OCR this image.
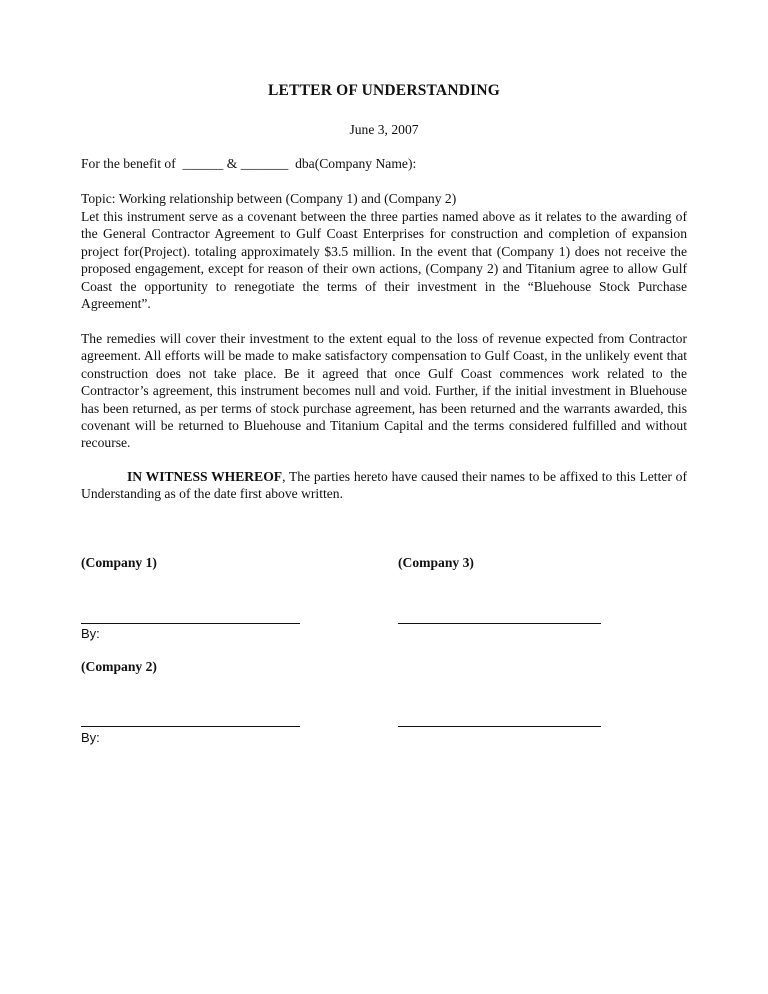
LETTER OF UNDERSTANDING
June 3, 2007
For the benefit of  ______ & _______  dba(Company Name):
Topic: Working relationship between (Company 1) and (Company 2)
Let this instrument serve as a covenant between the three parties named above as it relates to the awarding of the General Contractor Agreement to Gulf Coast Enterprises for construction and completion of expansion project for(Project). totaling approximately $3.5 million. In the event that (Company 1) does not receive the proposed engagement, except for reason of their own actions, (Company 2) and Titanium agree to allow Gulf Coast the opportunity to renegotiate the terms of their investment in the “Bluehouse Stock Purchase Agreement”.
The remedies will cover their investment to the extent equal to the loss of revenue expected from Contractor agreement. All efforts will be made to make satisfactory compensation to Gulf Coast, in the unlikely event that construction does not take place. Be it agreed that once Gulf Coast commences work related to the Contractor’s agreement, this instrument becomes null and void. Further, if the initial investment in Bluehouse has been returned, as per terms of stock purchase agreement, has been returned and the warrants awarded, this covenant will be returned to Bluehouse and Titanium Capital and the terms considered fulfilled and without recourse.
IN WITNESS WHEREOF, The parties hereto have caused their names to be affixed to this Letter of Understanding as of the date first above written.
(Company 1)
By:
(Company 3)
(Company 2)
By:
